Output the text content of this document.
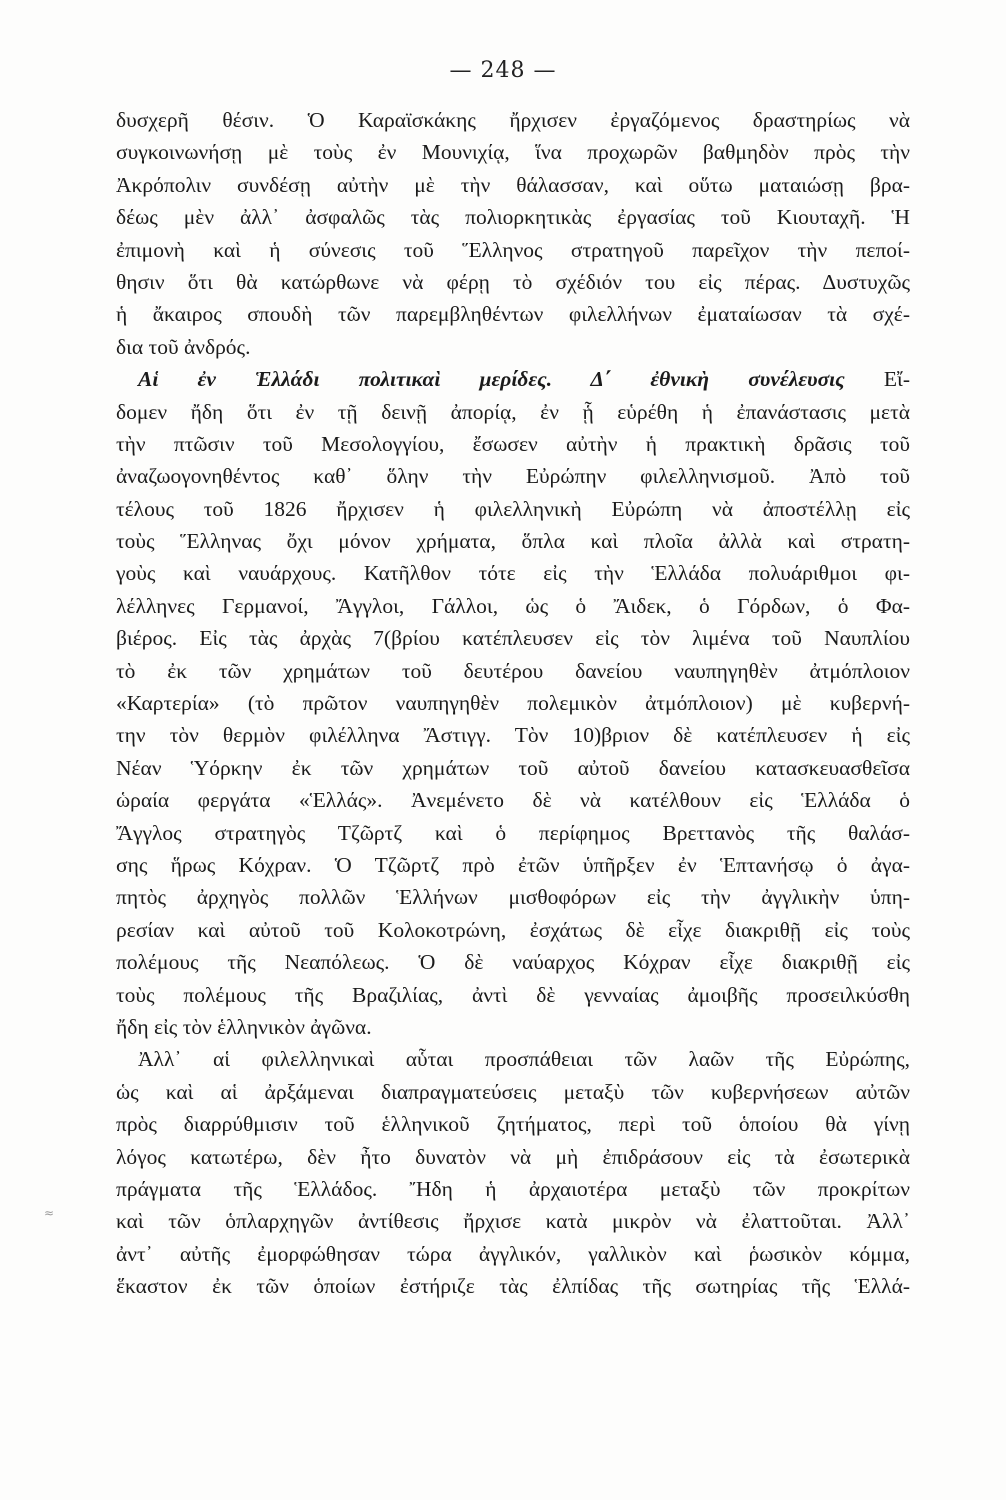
— 248 —
≈
δυσχερῆ θέσιν. Ὁ Καραϊσκάκης ἤρχισεν ἐργαζόμενος δραστηρίως νὰ
συγκοινωνήσῃ μὲ τοὺς ἐν Μουνιχίᾳ, ἵνα προχωρῶν βαθμηδὸν πρὸς τὴν
Ἀκρόπολιν συνδέσῃ αὐτὴν μὲ τὴν θάλασσαν, καὶ οὕτω ματαιώσῃ βρα-
δέως μὲν ἀλλ᾽ ἀσφαλῶς τὰς πολιορκητικὰς ἐργασίας τοῦ Κιουταχῆ. Ἡ
ἐπιμονὴ καὶ ἡ σύνεσις τοῦ Ἕλληνος στρατηγοῦ παρεῖχον τὴν πεποί-
θησιν ὅτι θὰ κατώρθωνε νὰ φέρῃ τὸ σχέδιόν του εἰς πέρας. Δυστυχῶς
ἡ ἄκαιρος σπουδὴ τῶν παρεμβληθέντων φιλελλήνων ἐματαίωσαν τὰ σχέ-
δια τοῦ ἀνδρός.
Αἱ ἐν Ἑλλάδι πολιτικαὶ μερίδες. Δ΄ ἐθνικὴ συνέλευσις Εἴ-
δομεν ἤδη ὅτι ἐν τῇ δεινῇ ἀπορίᾳ, ἐν ᾗ εὑρέθη ἡ ἐπανάστασις μετὰ
τὴν πτῶσιν τοῦ Μεσολογγίου, ἔσωσεν αὐτὴν ἡ πρακτικὴ δρᾶσις τοῦ
ἀναζωογονηθέντος καθ᾽ ὅλην τὴν Εὐρώπην φιλελληνισμοῦ. Ἀπὸ τοῦ
τέλους τοῦ 1826 ἤρχισεν ἡ φιλελληνικὴ Εὐρώπη νὰ ἀποστέλλῃ εἰς
τοὺς Ἕλληνας ὄχι μόνον χρήματα, ὅπλα καὶ πλοῖα ἀλλὰ καὶ στρατη-
γοὺς καὶ ναυάρχους. Κατῆλθον τότε εἰς τὴν Ἑλλάδα πολυάριθμοι φι-
λέλληνες Γερμανοί, Ἄγγλοι, Γάλλοι, ὡς ὁ Ἄιδεκ, ὁ Γόρδων, ὁ Φα-
βιέρος. Εἰς τὰς ἀρχὰς 7(βρίου κατέπλευσεν εἰς τὸν λιμένα τοῦ Ναυπλίου
τὸ ἐκ τῶν χρημάτων τοῦ δευτέρου δανείου ναυπηγηθὲν ἀτμόπλοιον
«Καρτερία» (τὸ πρῶτον ναυπηγηθὲν πολεμικὸν ἀτμόπλοιον) μὲ κυβερνή-
την τὸν θερμὸν φιλέλληνα Ἄστιγγ. Τὸν 10)βριον δὲ κατέπλευσεν ἡ εἰς
Νέαν Ὑόρκην ἐκ τῶν χρημάτων τοῦ αὐτοῦ δανείου κατασκευασθεῖσα
ὡραία φεργάτα «Ἑλλάς». Ἀνεμένετο δὲ νὰ κατέλθουν εἰς Ἑλλάδα ὁ
Ἄγγλος στρατηγὸς Τζῶρτζ καὶ ὁ περίφημος Βρεττανὸς τῆς θαλάσ-
σης ἥρως Κόχραν. Ὁ Τζῶρτζ πρὸ ἐτῶν ὑπῆρξεν ἐν Ἑπτανήσῳ ὁ ἀγα-
πητὸς ἀρχηγὸς πολλῶν Ἑλλήνων μισθοφόρων εἰς τὴν ἀγγλικὴν ὑπη-
ρεσίαν καὶ αὐτοῦ τοῦ Κολοκοτρώνη, ἐσχάτως δὲ εἶχε διακριθῇ εἰς τοὺς
πολέμους τῆς Νεαπόλεως. Ὁ δὲ ναύαρχος Κόχραν εἶχε διακριθῇ εἰς
τοὺς πολέμους τῆς Βραζιλίας, ἀντὶ δὲ γενναίας ἀμοιβῆς προσειλκύσθη
ἤδη εἰς τὸν ἑλληνικὸν ἀγῶνα.
Ἀλλ᾽ αἱ φιλελληνικαὶ αὗται προσπάθειαι τῶν λαῶν τῆς Εὐρώπης,
ὡς καὶ αἱ ἀρξάμεναι διαπραγματεύσεις μεταξὺ τῶν κυβερνήσεων αὐτῶν
πρὸς διαρρύθμισιν τοῦ ἑλληνικοῦ ζητήματος, περὶ τοῦ ὁποίου θὰ γίνῃ
λόγος κατωτέρω, δὲν ἦτο δυνατὸν νὰ μὴ ἐπιδράσουν εἰς τὰ ἐσωτερικὰ
πράγματα τῆς Ἑλλάδος. Ἤδη ἡ ἀρχαιοτέρα μεταξὺ τῶν προκρίτων
καὶ τῶν ὁπλαρχηγῶν ἀντίθεσις ἤρχισε κατὰ μικρὸν νὰ ἐλαττοῦται. Ἀλλ᾽
ἀντ᾽ αὐτῆς ἐμορφώθησαν τώρα ἀγγλικόν, γαλλικὸν καὶ ῥωσικὸν κόμμα,
ἕκαστον ἐκ τῶν ὁποίων ἐστήριζε τὰς ἐλπίδας τῆς σωτηρίας τῆς Ἑλλά-
